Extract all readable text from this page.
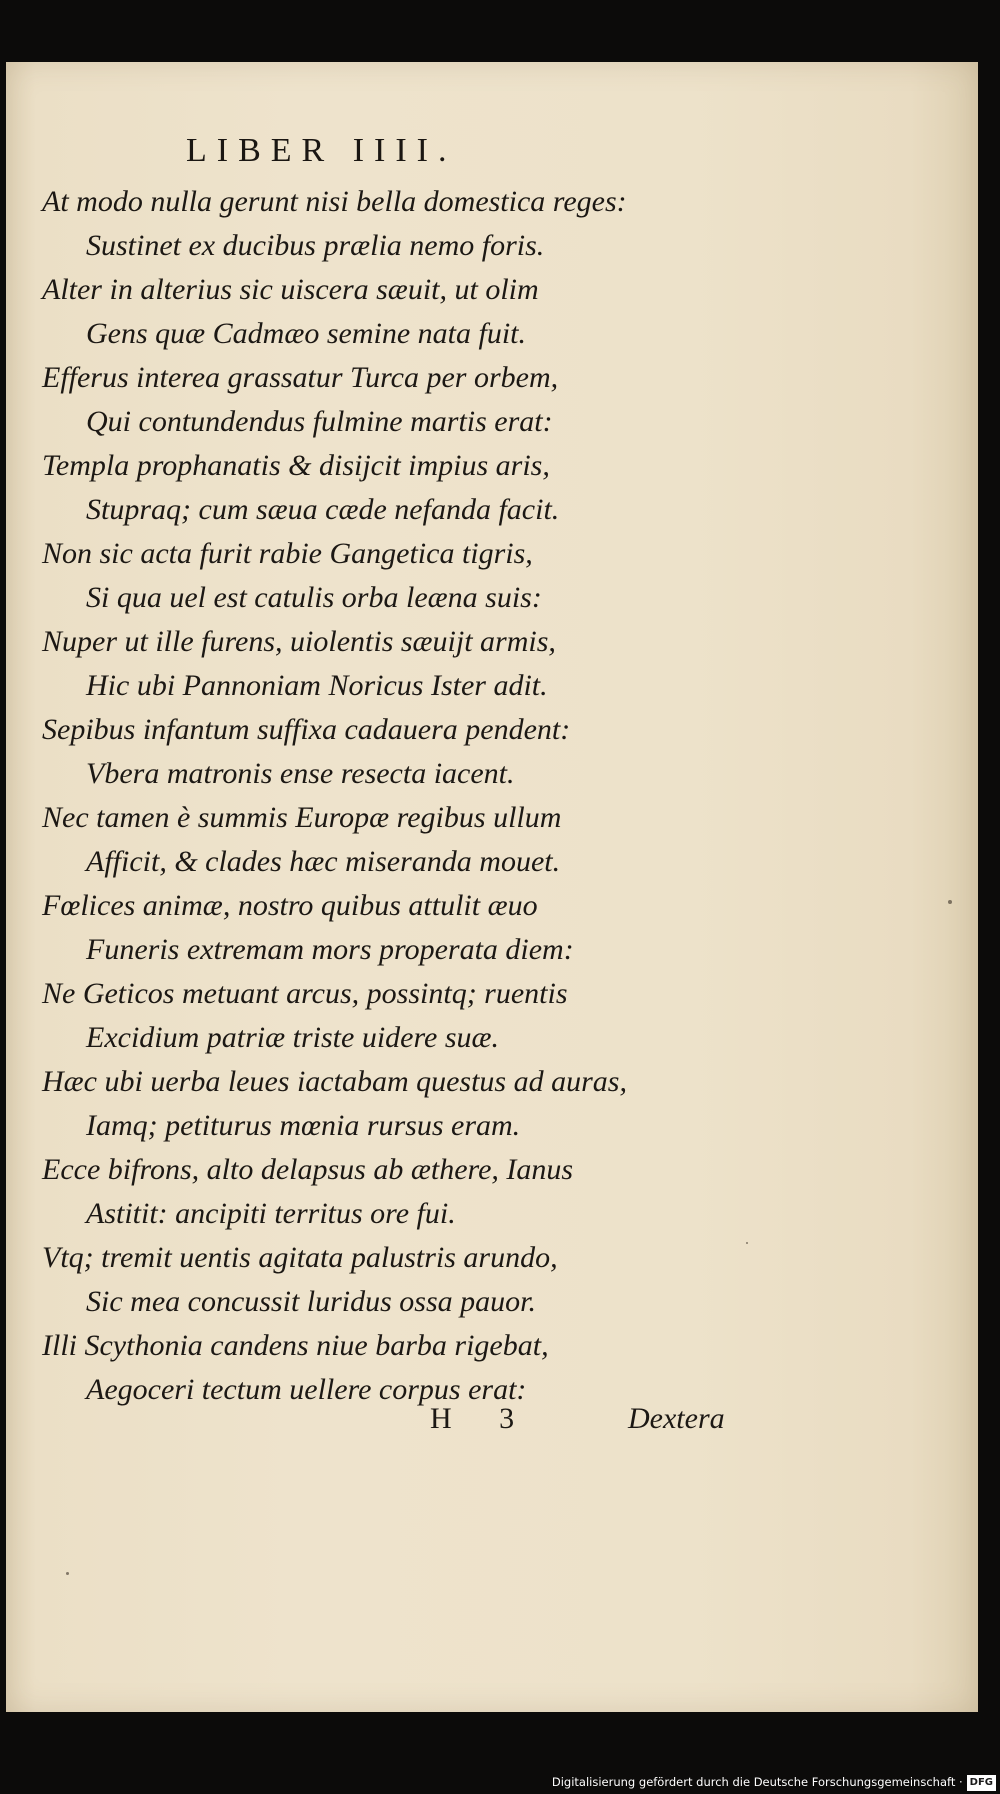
LIBER IIII.
At modo nulla gerunt nisi bella domestica reges:
Sustinet ex ducibus prælia nemo foris.
Alter in alterius sic uiscera sæuit, ut olim
Gens quæ Cadmæo semine nata fuit.
Efferus interea grassatur Turca per orbem,
Qui contundendus fulmine martis erat:
Templa prophanatis & disijcit impius aris,
Stupraq; cum sæua cæde nefanda facit.
Non sic acta furit rabie Gangetica tigris,
Si qua uel est catulis orba leæna suis:
Nuper ut ille furens, uiolentis sæuijt armis,
Hic ubi Pannoniam Noricus Ister adit.
Sepibus infantum suffixa cadauera pendent:
Vbera matronis ense resecta iacent.
Nec tamen è summis Europæ regibus ullum
Afficit, & clades hæc miseranda mouet.
Fœlices animæ, nostro quibus attulit æuo
Funeris extremam mors properata diem:
Ne Geticos metuant arcus, possintq; ruentis
Excidium patriæ triste uidere suæ.
Hæc ubi uerba leues iactabam questus ad auras,
Iamq; petiturus mœnia rursus eram.
Ecce bifrons, alto delapsus ab æthere, Ianus
Astitit: ancipiti territus ore fui.
Vtq; tremit uentis agitata palustris arundo,
Sic mea concussit luridus ossa pauor.
Illi Scythonia candens niue barba rigebat,
Aegoceri tectum uellere corpus erat:
H 3	Dextera
Digitalisierung gefördert durch die Deutsche Forschungsgemeinschaft · DFG
